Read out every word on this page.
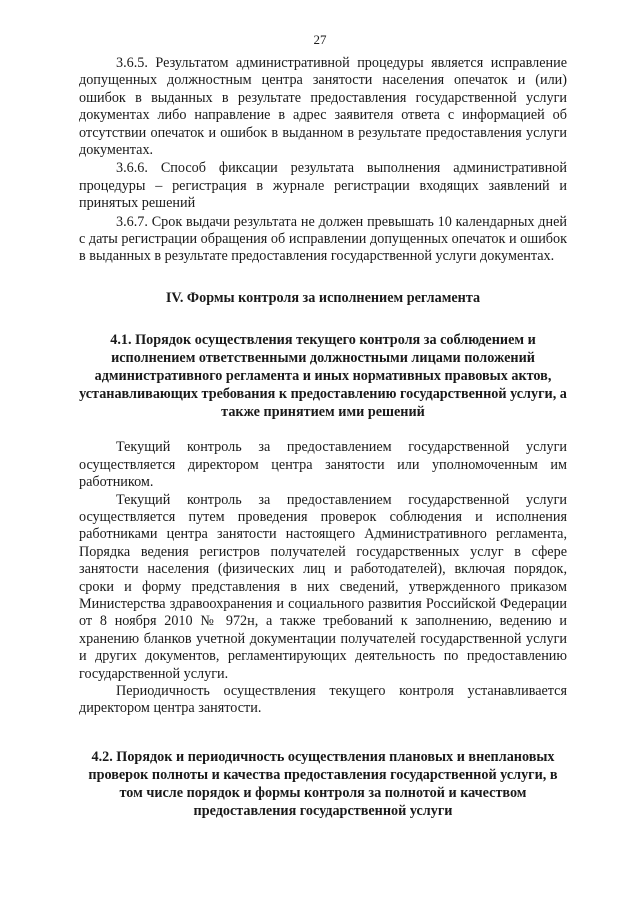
27

3.6.5. Результатом административной процедуры является исправление допущенных должностным центра занятости населения опечаток и (или) ошибок в выданных в результате предоставления государственной услуги документах либо направление в адрес заявителя ответа с информацией об отсутствии опечаток и ошибок в выданном в результате предоставления услуги документах.

3.6.6. Способ фиксации результата выполнения административной процедуры – регистрация в журнале регистрации входящих заявлений и принятых решений

3.6.7. Срок выдачи результата не должен превышать 10 календарных дней с даты регистрации обращения об исправлении допущенных опечаток и ошибок в выданных в результате предоставления государственной услуги документах.

IV. Формы контроля за исполнением регламента
4.1. Порядок осуществления текущего контроля за соблюдением и исполнением ответственными должностными лицами положений административного регламента и иных нормативных правовых актов, устанавливающих требования к предоставлению государственной услуги, а также принятием ими решений

Текущий контроль за предоставлением государственной услуги осуществляется директором центра занятости или уполномоченным им работником.

Текущий контроль за предоставлением государственной услуги осуществляется путем проведения проверок соблюдения и исполнения работниками центра занятости настоящего Административного регламента, Порядка ведения регистров получателей государственных услуг в сфере занятости населения (физических лиц и работодателей), включая порядок, сроки и форму представления в них сведений, утвержденного приказом Министерства здравоохранения и социального развития Российской Федерации от 8 ноября 2010 № 972н, а также требований к заполнению, ведению и хранению бланков учетной документации получателей государственной услуги и других документов, регламентирующих деятельность по предоставлению государственной услуги.

Периодичность осуществления текущего контроля устанавливается директором центра занятости.

4.2. Порядок и периодичность осуществления плановых и внеплановых проверок полноты и качества предоставления государственной услуги, в том числе порядок и формы контроля за полнотой и качеством предоставления государственной услуги
